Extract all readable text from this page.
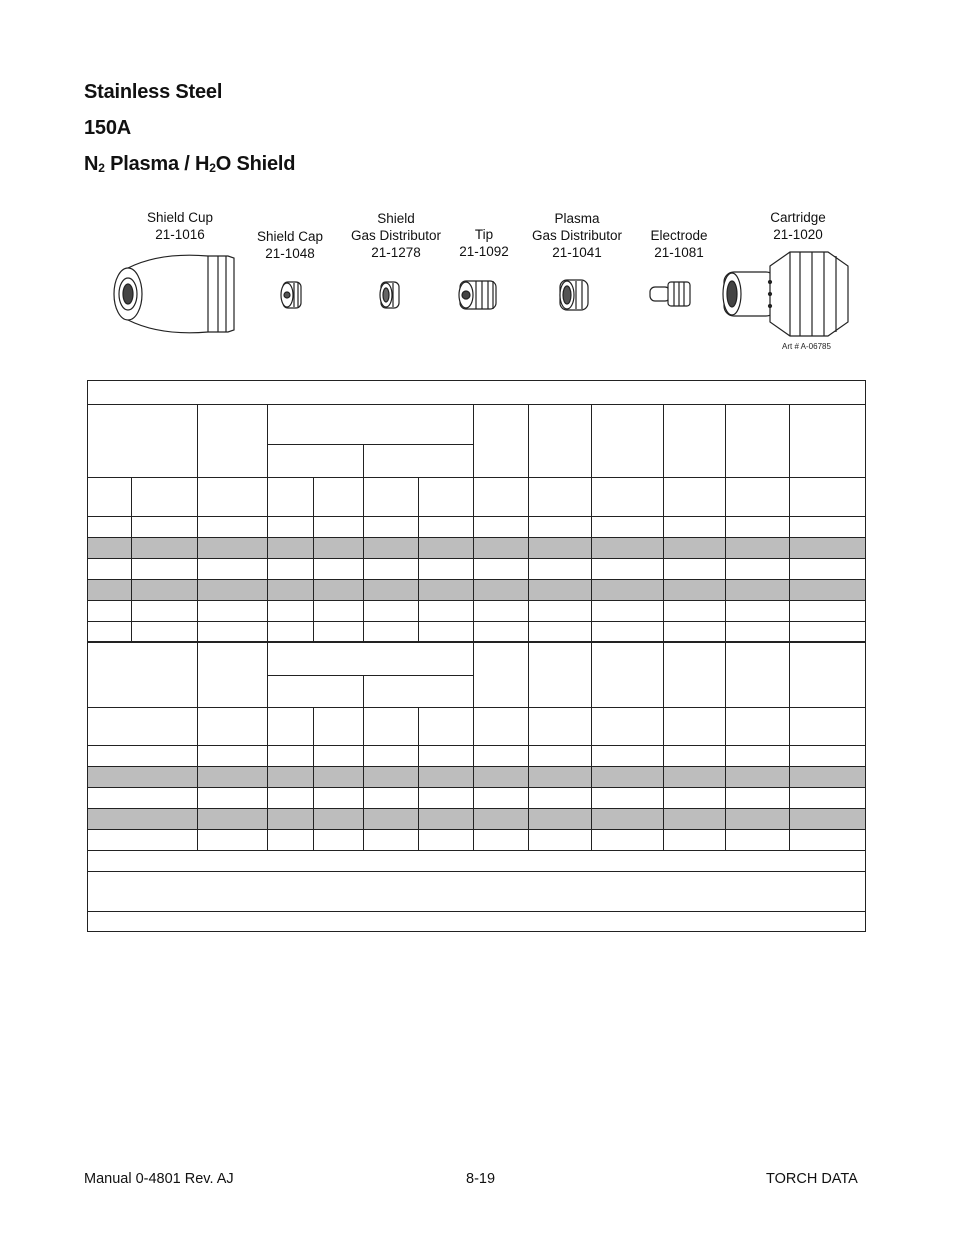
Stainless Steel
150A
$N_2$ Plasma / $H_2O$ Shield
Shield Cup
21-1016	Shield Cap
21-1048
Shield
Gas Distributor
21-1278
Tip
21-1092
Plasma
Gas Distributor
21-1041
Electrode
21-1081
Cartridge
21-1020
Art # A-06785

Manual 0-4801 Rev. AJ	8-19	TORCH DATA
